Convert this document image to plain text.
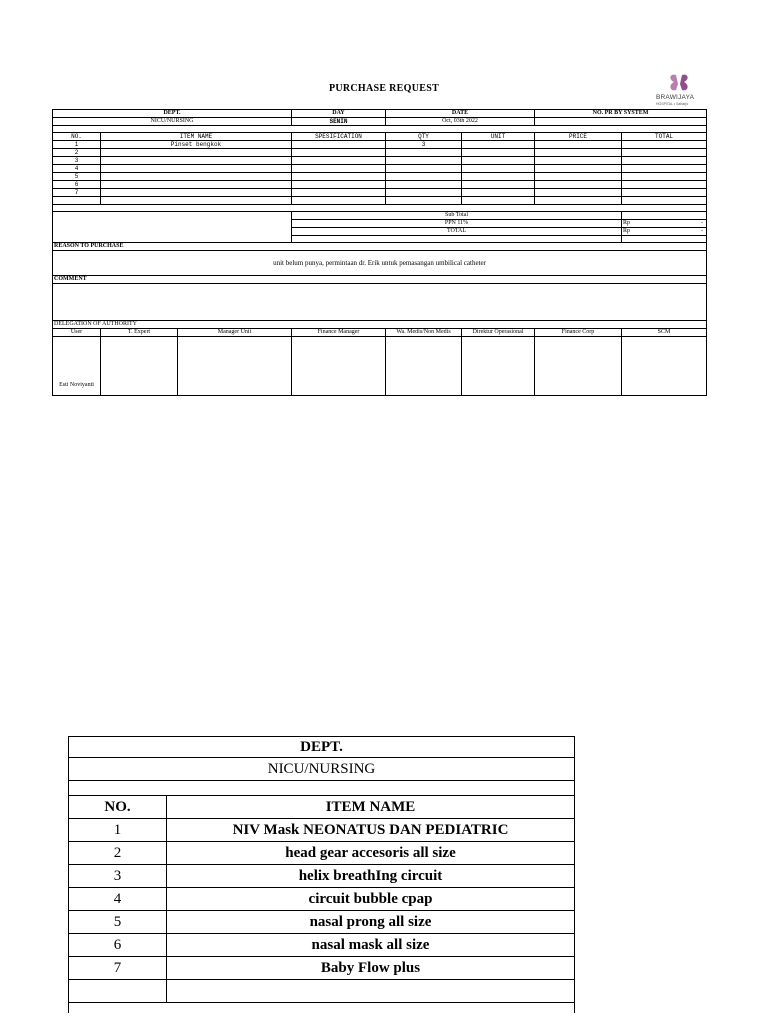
PURCHASE REQUEST
BRAWIJAYA
HOSPITAL • Saharjo
DEPT.			DAY	DATE		NO. PR BY SYSTEM	
NICU/NURSING			SENIN	Oct, 03th 2022			

NO.	ITEM NAME		SPESIFICATION	QTY	UNIT	PRICE	TOTAL
1	Pinset bengkok			3			
2							
3							
4							
5							
6							
7							

			Sub Total				
			PPN 11%				Rp -

			TOTAL				Rp -

REASON TO PURCHASE							
unit belum punya, permintaan dr. Erik untuk pemasangan umbilical catheter							
COMMENT							

DELEGATION OF AUTHORITY							
User	T. Expert	Manager Unit	Finance Manager	Wa. Medis/Non Medis	Direktur Operasional	Finance Corp	SCM
Esti Noviyanti							
DEPT.	
NICU/NURSING	

NO.	ITEM NAME
1	NIV Mask NEONATUS DAN PEDIATRIC
2	head gear accesoris all size
3	helix breathIng circuit
4	circuit bubble cpap
5	nasal prong all size
6	nasal mask all size
7	Baby Flow plus
